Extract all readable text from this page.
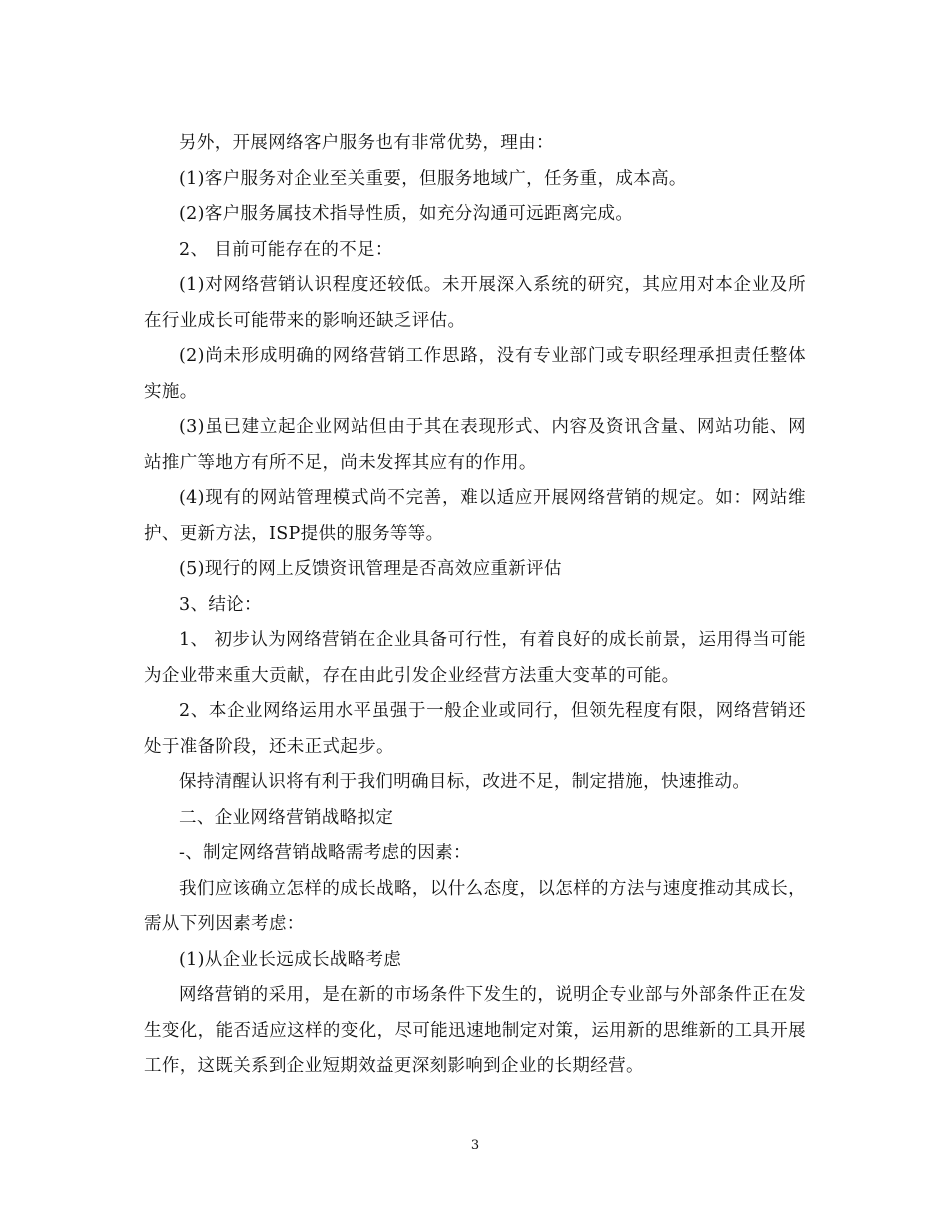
另外，开展网络客户服务也有非常优势，理由：

(1)客户服务对企业至关重要，但服务地域广，任务重，成本高。

(2)客户服务属技术指导性质，如充分沟通可远距离完成。

2、 目前可能存在的不足：

(1)对网络营销认识程度还较低。未开展深入系统的研究，其应用对本企业及所在行业成长可能带来的影响还缺乏评估。

(2)尚未形成明确的网络营销工作思路，没有专业部门或专职经理承担责任整体实施。

(3)虽已建立起企业网站但由于其在表现形式、内容及资讯含量、网站功能、网站推广等地方有所不足，尚未发挥其应有的作用。

(4)现有的网站管理模式尚不完善，难以适应开展网络营销的规定。如：网站维护、更新方法，ISP提供的服务等等。

(5)现行的网上反馈资讯管理是否高效应重新评估

3、结论：

1、 初步认为网络营销在企业具备可行性，有着良好的成长前景，运用得当可能为企业带来重大贡献，存在由此引发企业经营方法重大变革的可能。

2、本企业网络运用水平虽强于一般企业或同行，但领先程度有限，网络营销还处于准备阶段，还未正式起步。

保持清醒认识将有利于我们明确目标，改进不足，制定措施，快速推动。

二、企业网络营销战略拟定

-、制定网络营销战略需考虑的因素：

我们应该确立怎样的成长战略，以什么态度，以怎样的方法与速度推动其成长，需从下列因素考虑：

(1)从企业长远成长战略考虑

网络营销的采用，是在新的市场条件下发生的，说明企专业部与外部条件正在发生变化，能否适应这样的变化，尽可能迅速地制定对策，运用新的思维新的工具开展工作，这既关系到企业短期效益更深刻影响到企业的长期经营。

3
